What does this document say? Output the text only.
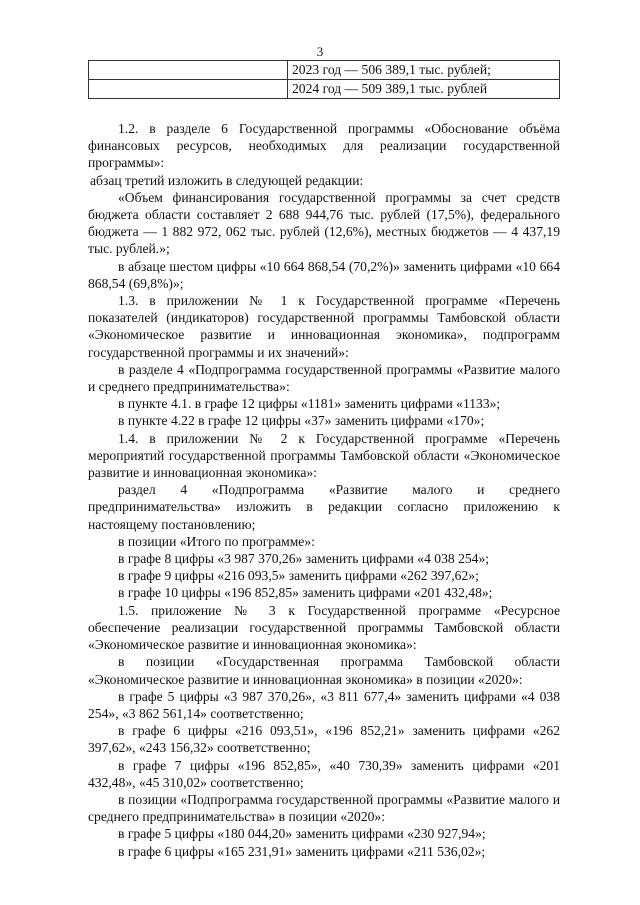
3
	2023 год — 506 389,1 тыс. рублей;
	2024 год — 509 389,1 тыс. рублей

1.2. в разделе 6 Государственной программы «Обоснование объёма финансовых ресурсов, необходимых для реализации государственной программы»:

абзац третий изложить в следующей редакции:

«Объем финансирования государственной программы за счет средств бюджета области составляет 2 688 944,76 тыс. рублей (17,5%), федерального бюджета — 1 882 972, 062 тыс. рублей (12,6%), местных бюджетов — 4 437,19 тыс. рублей.»;

в абзаце шестом цифры «10 664 868,54 (70,2%)» заменить цифрами «10 664 868,54 (69,8%)»;

1.3. в приложении № 1 к Государственной программе «Перечень показателей (индикаторов) государственной программы Тамбовской области «Экономическое развитие и инновационная экономика», подпрограмм государственной программы и их значений»:

в разделе 4 «Подпрограмма государственной программы «Развитие малого и среднего предпринимательства»:

в пункте 4.1. в графе 12 цифры «1181» заменить цифрами «1133»;

в пункте 4.22 в графе 12 цифры «37» заменить цифрами «170»;

1.4. в приложении № 2 к Государственной программе «Перечень мероприятий государственной программы Тамбовской области «Экономическое развитие и инновационная экономика»:

раздел 4 «Подпрограмма «Развитие малого и среднего предпринимательства» изложить в редакции согласно приложению к настоящему постановлению;

в позиции «Итого по программе»:

в графе 8 цифры «3 987 370,26» заменить цифрами «4 038 254»;

в графе 9 цифры «216 093,5» заменить цифрами «262 397,62»;

в графе 10 цифры «196 852,85» заменить цифрами «201 432,48»;

1.5. приложение № 3 к Государственной программе «Ресурсное обеспечение реализации государственной программы Тамбовской области «Экономическое развитие и инновационная экономика»:

в позиции «Государственная программа Тамбовской области «Экономическое развитие и инновационная экономика» в позиции «2020»:

в графе 5 цифры «3 987 370,26», «3 811 677,4» заменить цифрами «4 038 254», «3 862 561,14» соответственно;

в графе 6 цифры «216 093,51», «196 852,21» заменить цифрами «262 397,62», «243 156,32» соответственно;

в графе 7 цифры «196 852,85», «40 730,39» заменить цифрами «201 432,48», «45 310,02» соответственно;

в позиции «Подпрограмма государственной программы «Развитие малого и среднего предпринимательства» в позиции «2020»:

в графе 5 цифры «180 044,20» заменить цифрами «230 927,94»;

в графе 6 цифры «165 231,91» заменить цифрами «211 536,02»;
